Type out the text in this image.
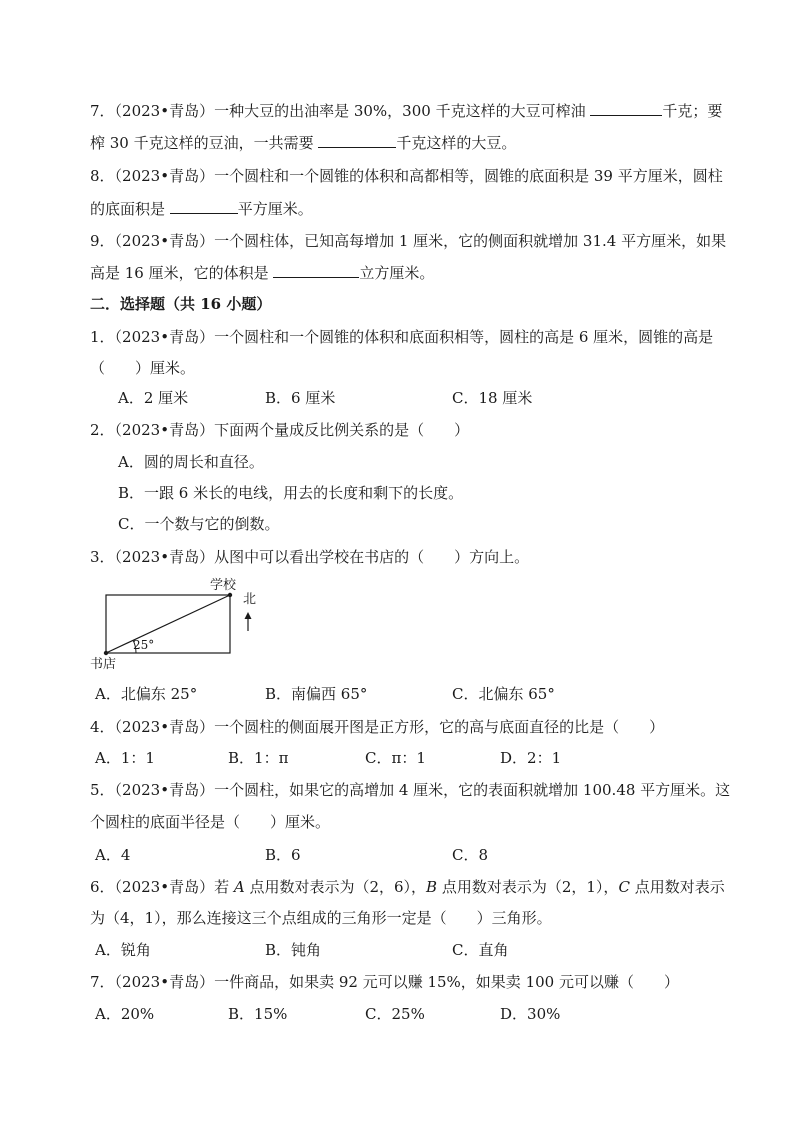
7．（2023•青岛）一种大豆的出油率是 30%，300 千克这样的大豆可榨油	千克；要
榨 30 千克这样的豆油，一共需要	千克这样的大豆。
8．（2023•青岛）一个圆柱和一个圆锥的体积和高都相等，圆锥的底面积是 39 平方厘米，圆柱
的底面积是	平方厘米。
9．（2023•青岛）一个圆柱体，已知高每增加 1 厘米，它的侧面积就增加 31.4 平方厘米，如果
高是 16 厘米，它的体积是	立方厘米。
二．选择题（共 16 小题）
1．（2023•青岛）一个圆柱和一个圆锥的体积和底面积相等，圆柱的高是 6 厘米，圆锥的高是
（　　）厘米。
A．2 厘米	B．6 厘米	C．18 厘米
2．（2023•青岛）下面两个量成反比例关系的是（　　）
A．圆的周长和直径。
B．一跟 6 米长的电线，用去的长度和剩下的长度。
C．一个数与它的倒数。
3．（2023•青岛）从图中可以看出学校在书店的（　　）方向上。
25°
学校
书店
北
A．北偏东 25°	B．南偏西 65°	C．北偏东 65°
4．（2023•青岛）一个圆柱的侧面展开图是正方形，它的高与底面直径的比是（　　）
A．1：1	B．1：π	C．π：1	D．2：1
5．（2023•青岛）一个圆柱，如果它的高增加 4 厘米，它的表面积就增加 100.48 平方厘米。这
个圆柱的底面半径是（　　）厘米。
A．4	B．6	C．8
6．（2023•青岛）若 A 点用数对表示为（2，6），B 点用数对表示为（2，1），C 点用数对表示
为（4，1），那么连接这三个点组成的三角形一定是（　　）三角形。
A．锐角	B．钝角	C．直角
7．（2023•青岛）一件商品，如果卖 92 元可以赚 15%，如果卖 100 元可以赚（　　）
A．20%	B．15%	C．25%	D．30%
